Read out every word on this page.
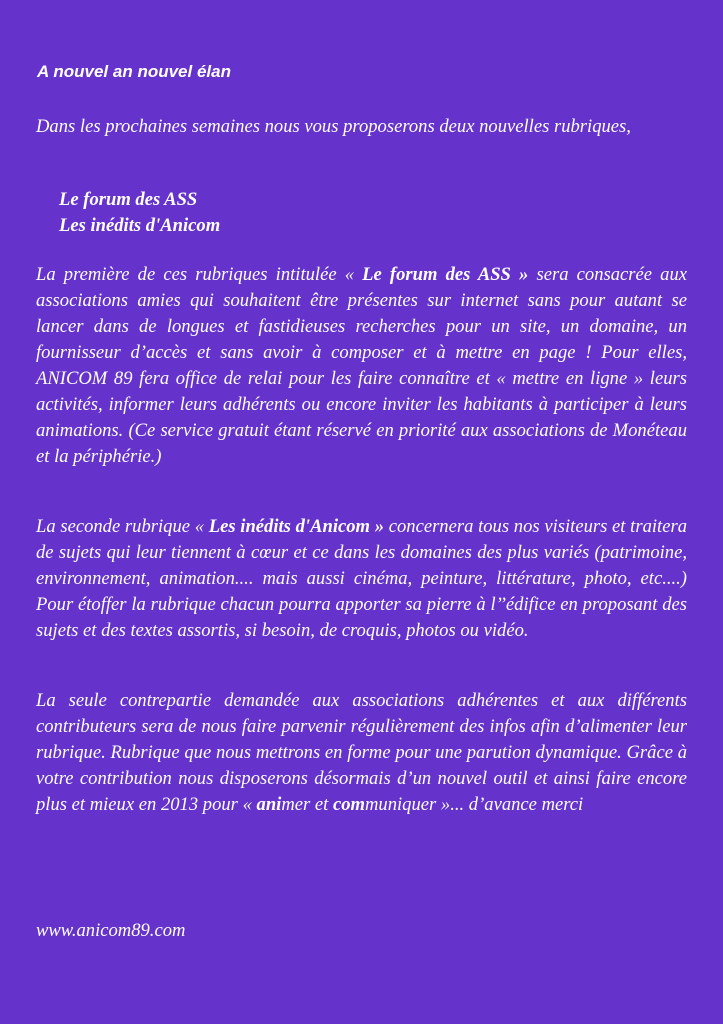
A nouvel an nouvel élan

Dans les prochaines semaines nous vous proposerons deux nouvelles rubriques,

Le forum des ASS
Les inédits d'Anicom

La première de ces rubriques intitulée « Le forum des ASS » sera consacrée aux associations amies qui souhaitent être présentes sur internet sans pour autant se lancer dans de longues et fastidieuses recherches pour un site, un domaine, un fournisseur d’accès et sans avoir à composer et à mettre en page ! Pour elles, ANICOM 89 fera office de relai pour les faire connaître et « mettre en ligne » leurs activités, informer leurs adhérents ou encore inviter les habitants à participer à leurs animations. (Ce service gratuit étant réservé en priorité aux associations de Monéteau et la périphérie.)

La seconde rubrique « Les inédits d'Anicom » concernera tous nos visiteurs et traitera de sujets qui leur tiennent à cœur et ce dans les domaines des plus variés (patrimoine, environnement, animation.... mais aussi cinéma, peinture, littérature, photo, etc....) Pour étoffer la rubrique chacun pourra apporter sa pierre à l’’édifice en proposant des sujets et des textes assortis, si besoin, de croquis, photos ou vidéo.

La seule contrepartie demandée aux associations adhérentes et aux différents contributeurs sera de nous faire parvenir régulièrement des infos afin d’alimenter leur rubrique. Rubrique que nous mettrons en forme pour une parution dynamique. Grâce à votre contribution nous disposerons désormais d’un nouvel outil et ainsi faire encore plus et mieux en 2013 pour « animer et communiquer »... d’avance merci

www.anicom89.com
